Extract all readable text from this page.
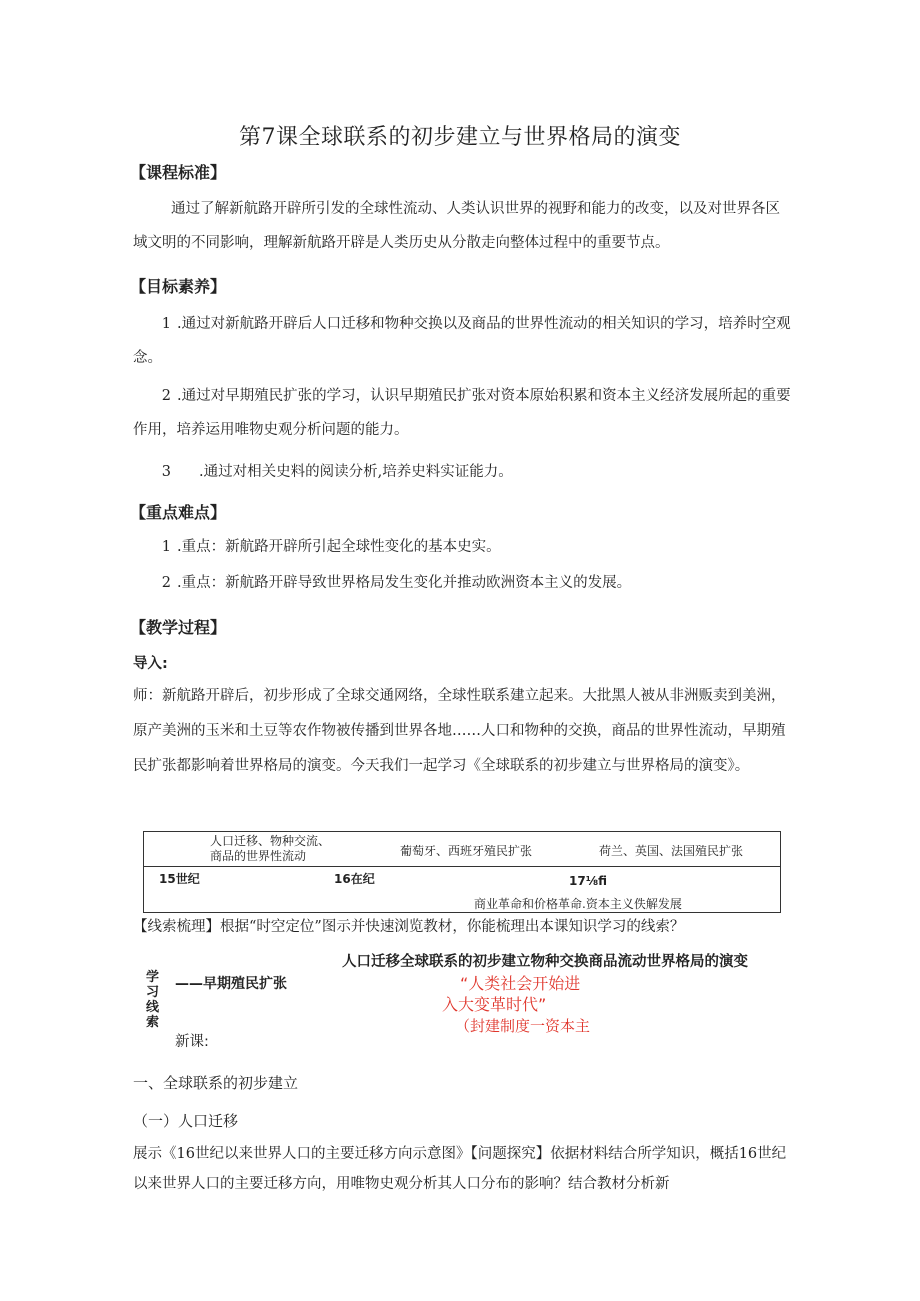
第7课全球联系的初步建立与世界格局的演变
【课程标准】
通过了解新航路开辟所引发的全球性流动、人类认识世界的视野和能力的改变，以及对世界各区域文明的不同影响，理解新航路开辟是人类历史从分散走向整体过程中的重要节点。
【目标素养】
1 .通过对新航路开辟后人口迁移和物种交换以及商品的世界性流动的相关知识的学习，培养时空观念。
2 .通过对早期殖民扩张的学习，认识早期殖民扩张对资本原始积累和资本主义经济发展所起的重要作用，培养运用唯物史观分析问题的能力。
3 .通过对相关史料的阅读分析,培养史料实证能力。
【重点难点】
1 .重点：新航路开辟所引起全球性变化的基本史实。
2 .重点：新航路开辟导致世界格局发生变化并推动欧洲资本主义的发展。
【教学过程】
导入:
师：新航路开辟后，初步形成了全球交通网络，全球性联系建立起来。大批黑人被从非洲贩卖到美洲，原产美洲的玉米和土豆等农作物被传播到世界各地……人口和物种的交换，商品的世界性流动，早期殖民扩张都影响着世界格局的演变。今天我们一起学习《全球联系的初步建立与世界格局的演变》。
人口迁移、物种交流、
商品的世界性流动	葡萄牙、西班牙殖民扩张	荷兰、英国、法国殖民扩张
15世纪	16在纪	17⅛fi
商业革命和价格革命.资本主义佚解发展
【线索梳理】根据“时空定位”图示并快速浏览教材，你能梳理出本课知识学习的线索？
人口迁移全球联系的初步建立物种交换商品流动世界格局的演变
学
习
线
索
——早期殖民扩张	“人类社会开始进
入大变革时代”
（封建制度一资本主
新课:
一、全球联系的初步建立
（一）人口迁移
展示《16世纪以来世界人口的主要迁移方向示意图》【问题探究】依据材料结合所学知识，概括16世纪以来世界人口的主要迁移方向，用唯物史观分析其人口分布的影响？结合教材分析新
